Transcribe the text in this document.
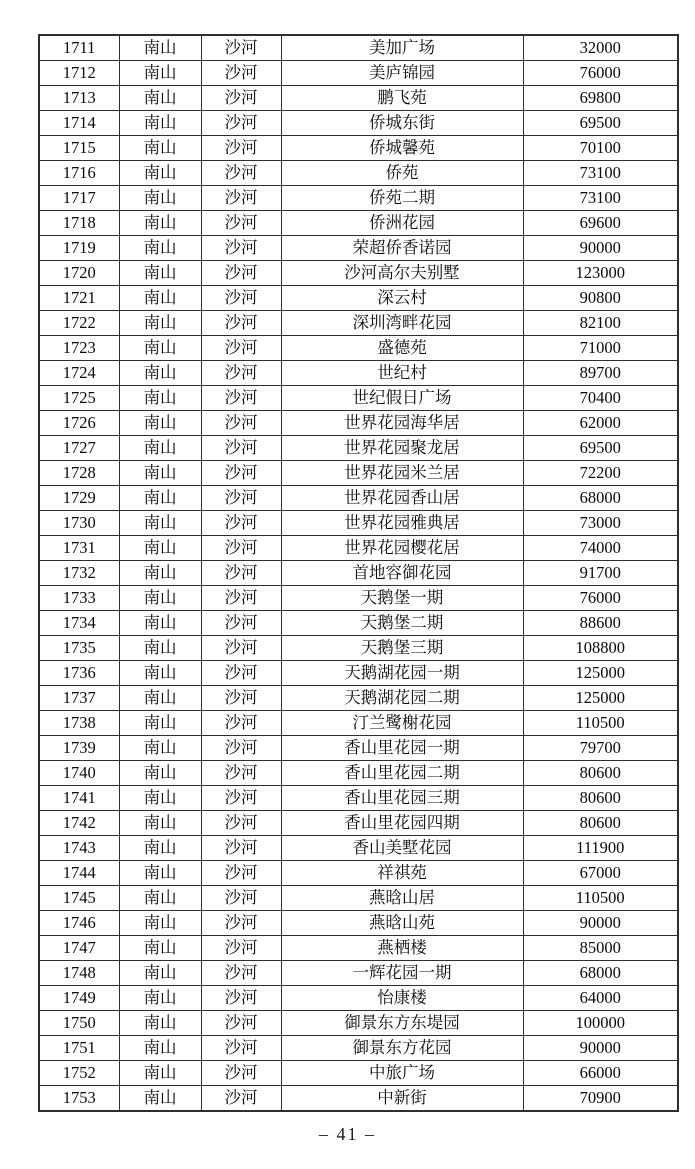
1711	南山	沙河	美加广场	32000
1712	南山	沙河	美庐锦园	76000
1713	南山	沙河	鹏飞苑	69800
1714	南山	沙河	侨城东街	69500
1715	南山	沙河	侨城馨苑	70100
1716	南山	沙河	侨苑	73100
1717	南山	沙河	侨苑二期	73100
1718	南山	沙河	侨洲花园	69600
1719	南山	沙河	荣超侨香诺园	90000
1720	南山	沙河	沙河高尔夫别墅	123000
1721	南山	沙河	深云村	90800
1722	南山	沙河	深圳湾畔花园	82100
1723	南山	沙河	盛德苑	71000
1724	南山	沙河	世纪村	89700
1725	南山	沙河	世纪假日广场	70400
1726	南山	沙河	世界花园海华居	62000
1727	南山	沙河	世界花园聚龙居	69500
1728	南山	沙河	世界花园米兰居	72200
1729	南山	沙河	世界花园香山居	68000
1730	南山	沙河	世界花园雅典居	73000
1731	南山	沙河	世界花园樱花居	74000
1732	南山	沙河	首地容御花园	91700
1733	南山	沙河	天鹅堡一期	76000
1734	南山	沙河	天鹅堡二期	88600
1735	南山	沙河	天鹅堡三期	108800
1736	南山	沙河	天鹅湖花园一期	125000
1737	南山	沙河	天鹅湖花园二期	125000
1738	南山	沙河	汀兰鹭榭花园	110500
1739	南山	沙河	香山里花园一期	79700
1740	南山	沙河	香山里花园二期	80600
1741	南山	沙河	香山里花园三期	80600
1742	南山	沙河	香山里花园四期	80600
1743	南山	沙河	香山美墅花园	111900
1744	南山	沙河	祥祺苑	67000
1745	南山	沙河	燕晗山居	110500
1746	南山	沙河	燕晗山苑	90000
1747	南山	沙河	燕栖楼	85000
1748	南山	沙河	一辉花园一期	68000
1749	南山	沙河	怡康楼	64000
1750	南山	沙河	御景东方东堤园	100000
1751	南山	沙河	御景东方花园	90000
1752	南山	沙河	中旅广场	66000
1753	南山	沙河	中新街	70900
– 41 –
